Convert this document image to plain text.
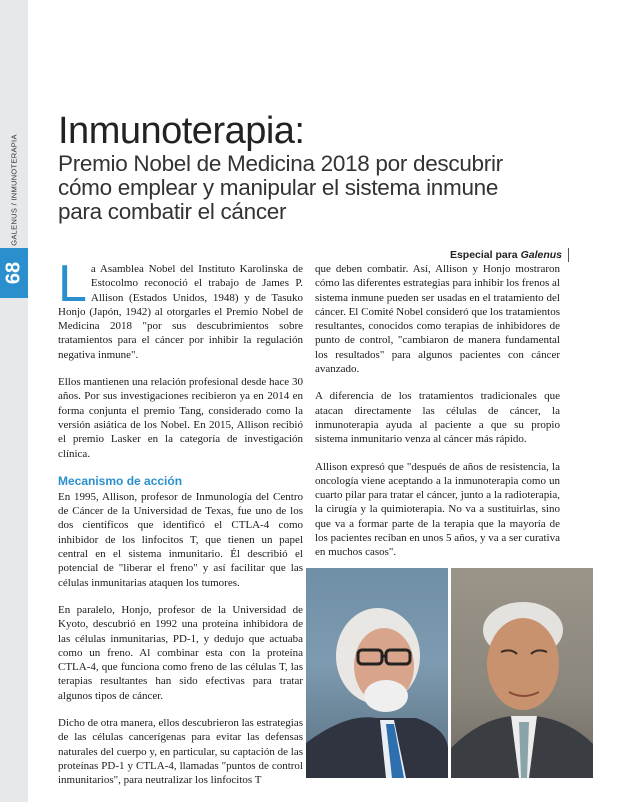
GALENUS / INMUNOTERAPIA
68
Inmunoterapia:

Premio Nobel de Medicina 2018 por descubrir

cómo emplear y manipular el sistema inmune

para combatir el cáncer

Especial para Galenus

La Asamblea Nobel del Instituto Karolinska de Estocolmo reconoció el trabajo de James P. Allison (Estados Unidos, 1948) y de Tasuko Honjo (Japón, 1942) al otorgarles el Premio Nobel de Medicina 2018 "por sus descubrimientos sobre tratamientos para el cáncer por inhibir la regulación negativa inmune".

Ellos mantienen una relación profesional desde hace 30 años. Por sus investigaciones recibieron ya en 2014 en forma conjunta el premio Tang, considerado como la versión asiática de los Nobel. En 2015, Allison recibió el premio Lasker en la categoría de investigación clínica.

Mecanismo de acción

En 1995, Allison, profesor de Inmunología del Centro de Cáncer de la Universidad de Texas, fue uno de los dos científicos que identificó el CTLA-4 como inhibidor de los linfocitos T, que tienen un papel central en el sistema inmunitario. Él describió el potencial de "liberar el freno" y así facilitar que las células inmunitarias ataquen los tumores.

En paralelo, Honjo, profesor de la Universidad de Kyoto, descubrió en 1992 una proteína inhibidora de las células inmunitarias, PD-1, y dedujo que actuaba como un freno. Al combinar esta con la proteína CTLA-4, que funciona como freno de las células T, las terapias resultantes han sido efectivas para tratar algunos tipos de cáncer.

Dicho de otra manera, ellos descubrieron las estrategias de las células cancerígenas para evitar las defensas naturales del cuerpo y, en particular, su captación de las proteínas PD-1 y CTLA-4, llamadas "puntos de control inmunitarios", para neutralizar los linfocitos T

que deben combatir. Así, Allison y Honjo mostraron cómo las diferentes estrategias para inhibir los frenos al sistema inmune pueden ser usadas en el tratamiento del cáncer. El Comité Nobel consideró que los tratamientos resultantes, conocidos como terapias de inhibidores de punto de control, "cambiaron de manera fundamental los resultados" para algunos pacientes con cáncer avanzado.

A diferencia de los tratamientos tradicionales que atacan directamente las células de cáncer, la inmunoterapia ayuda al paciente a que su propio sistema inmunitario venza al cáncer más rápido.

Allison expresó que "después de años de resistencia, la oncología viene aceptando a la inmunoterapia como un cuarto pilar para tratar el cáncer, junto a la radioterapia, la cirugía y la quimioterapia. No va a sustituirlas, sino que va a formar parte de la terapia que la mayoría de los pacientes reciban en unos 5 años, y va a ser curativa en muchos casos".
